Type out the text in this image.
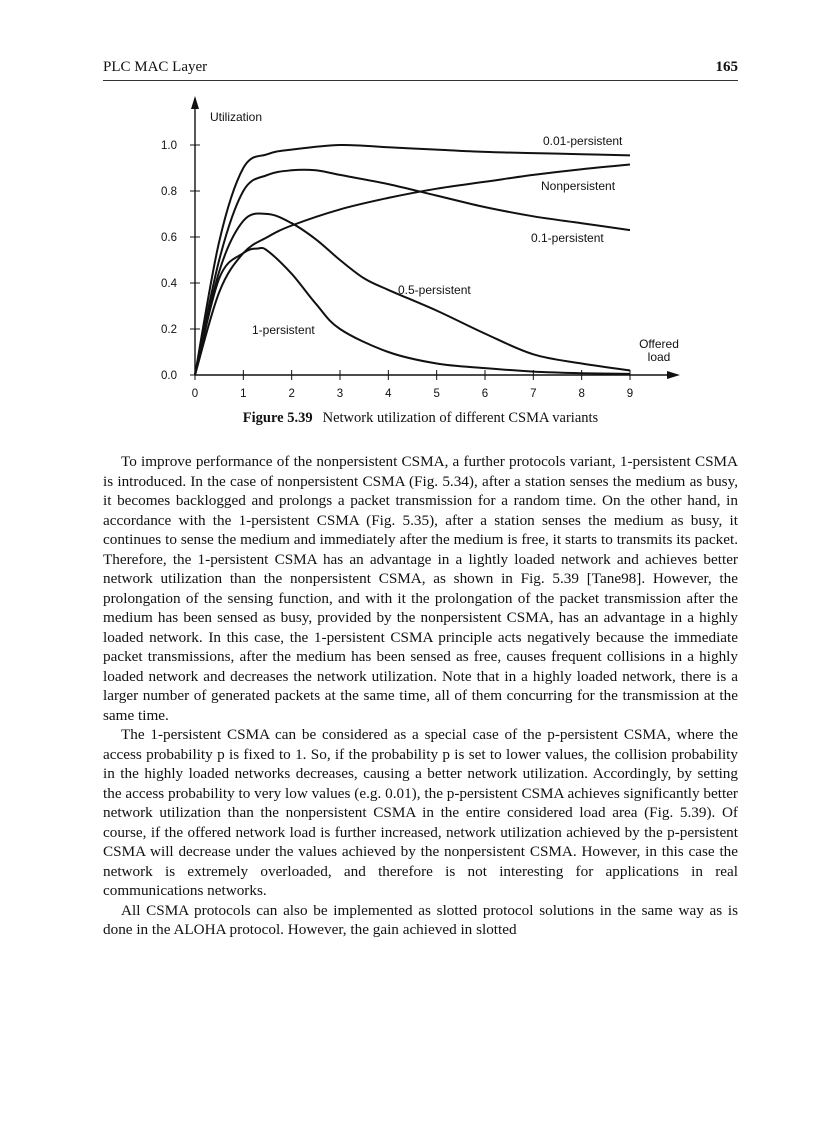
PLC MAC Layer	165
0	1	2	3	4	5	6	7	8	9
0.0
0.2
0.4
0.6
0.8
1.0
Utilization
Offered
load
0.01-persistent
Nonpersistent
0.1-persistent
0.5-persistent
1-persistent
Figure 5.39 Network utilization of different CSMA variants

To improve performance of the nonpersistent CSMA, a further protocols variant, 1-persistent CSMA is introduced. In the case of nonpersistent CSMA (Fig. 5.34), after a station senses the medium as busy, it becomes backlogged and prolongs a packet transmission for a random time. On the other hand, in accordance with the 1-persistent CSMA (Fig. 5.35), after a station senses the medium as busy, it continues to sense the medium and immediately after the medium is free, it starts to transmits its packet. Therefore, the 1-persistent CSMA has an advantage in a lightly loaded network and achieves better network utilization than the nonpersistent CSMA, as shown in Fig. 5.39 [Tane98]. However, the prolongation of the sensing function, and with it the prolongation of the packet transmission after the medium has been sensed as busy, provided by the nonpersistent CSMA, has an advantage in a highly loaded network. In this case, the 1-persistent CSMA principle acts negatively because the immediate packet transmissions, after the medium has been sensed as free, causes frequent collisions in a highly loaded network and decreases the network utilization. Note that in a highly loaded network, there is a larger number of generated packets at the same time, all of them concurring for the transmission at the same time.

The 1-persistent CSMA can be considered as a special case of the p-persistent CSMA, where the access probability p is fixed to 1. So, if the probability p is set to lower values, the collision probability in the highly loaded networks decreases, causing a better network utilization. Accordingly, by setting the access probability to very low values (e.g. 0.01), the p-persistent CSMA achieves significantly better network utilization than the nonpersistent CSMA in the entire considered load area (Fig. 5.39). Of course, if the offered network load is further increased, network utilization achieved by the p-persistent CSMA will decrease under the values achieved by the nonpersistent CSMA. However, in this case the network is extremely overloaded, and therefore is not interesting for applications in real communications networks.

All CSMA protocols can also be implemented as slotted protocol solutions in the same way as is done in the ALOHA protocol. However, the gain achieved in slotted
